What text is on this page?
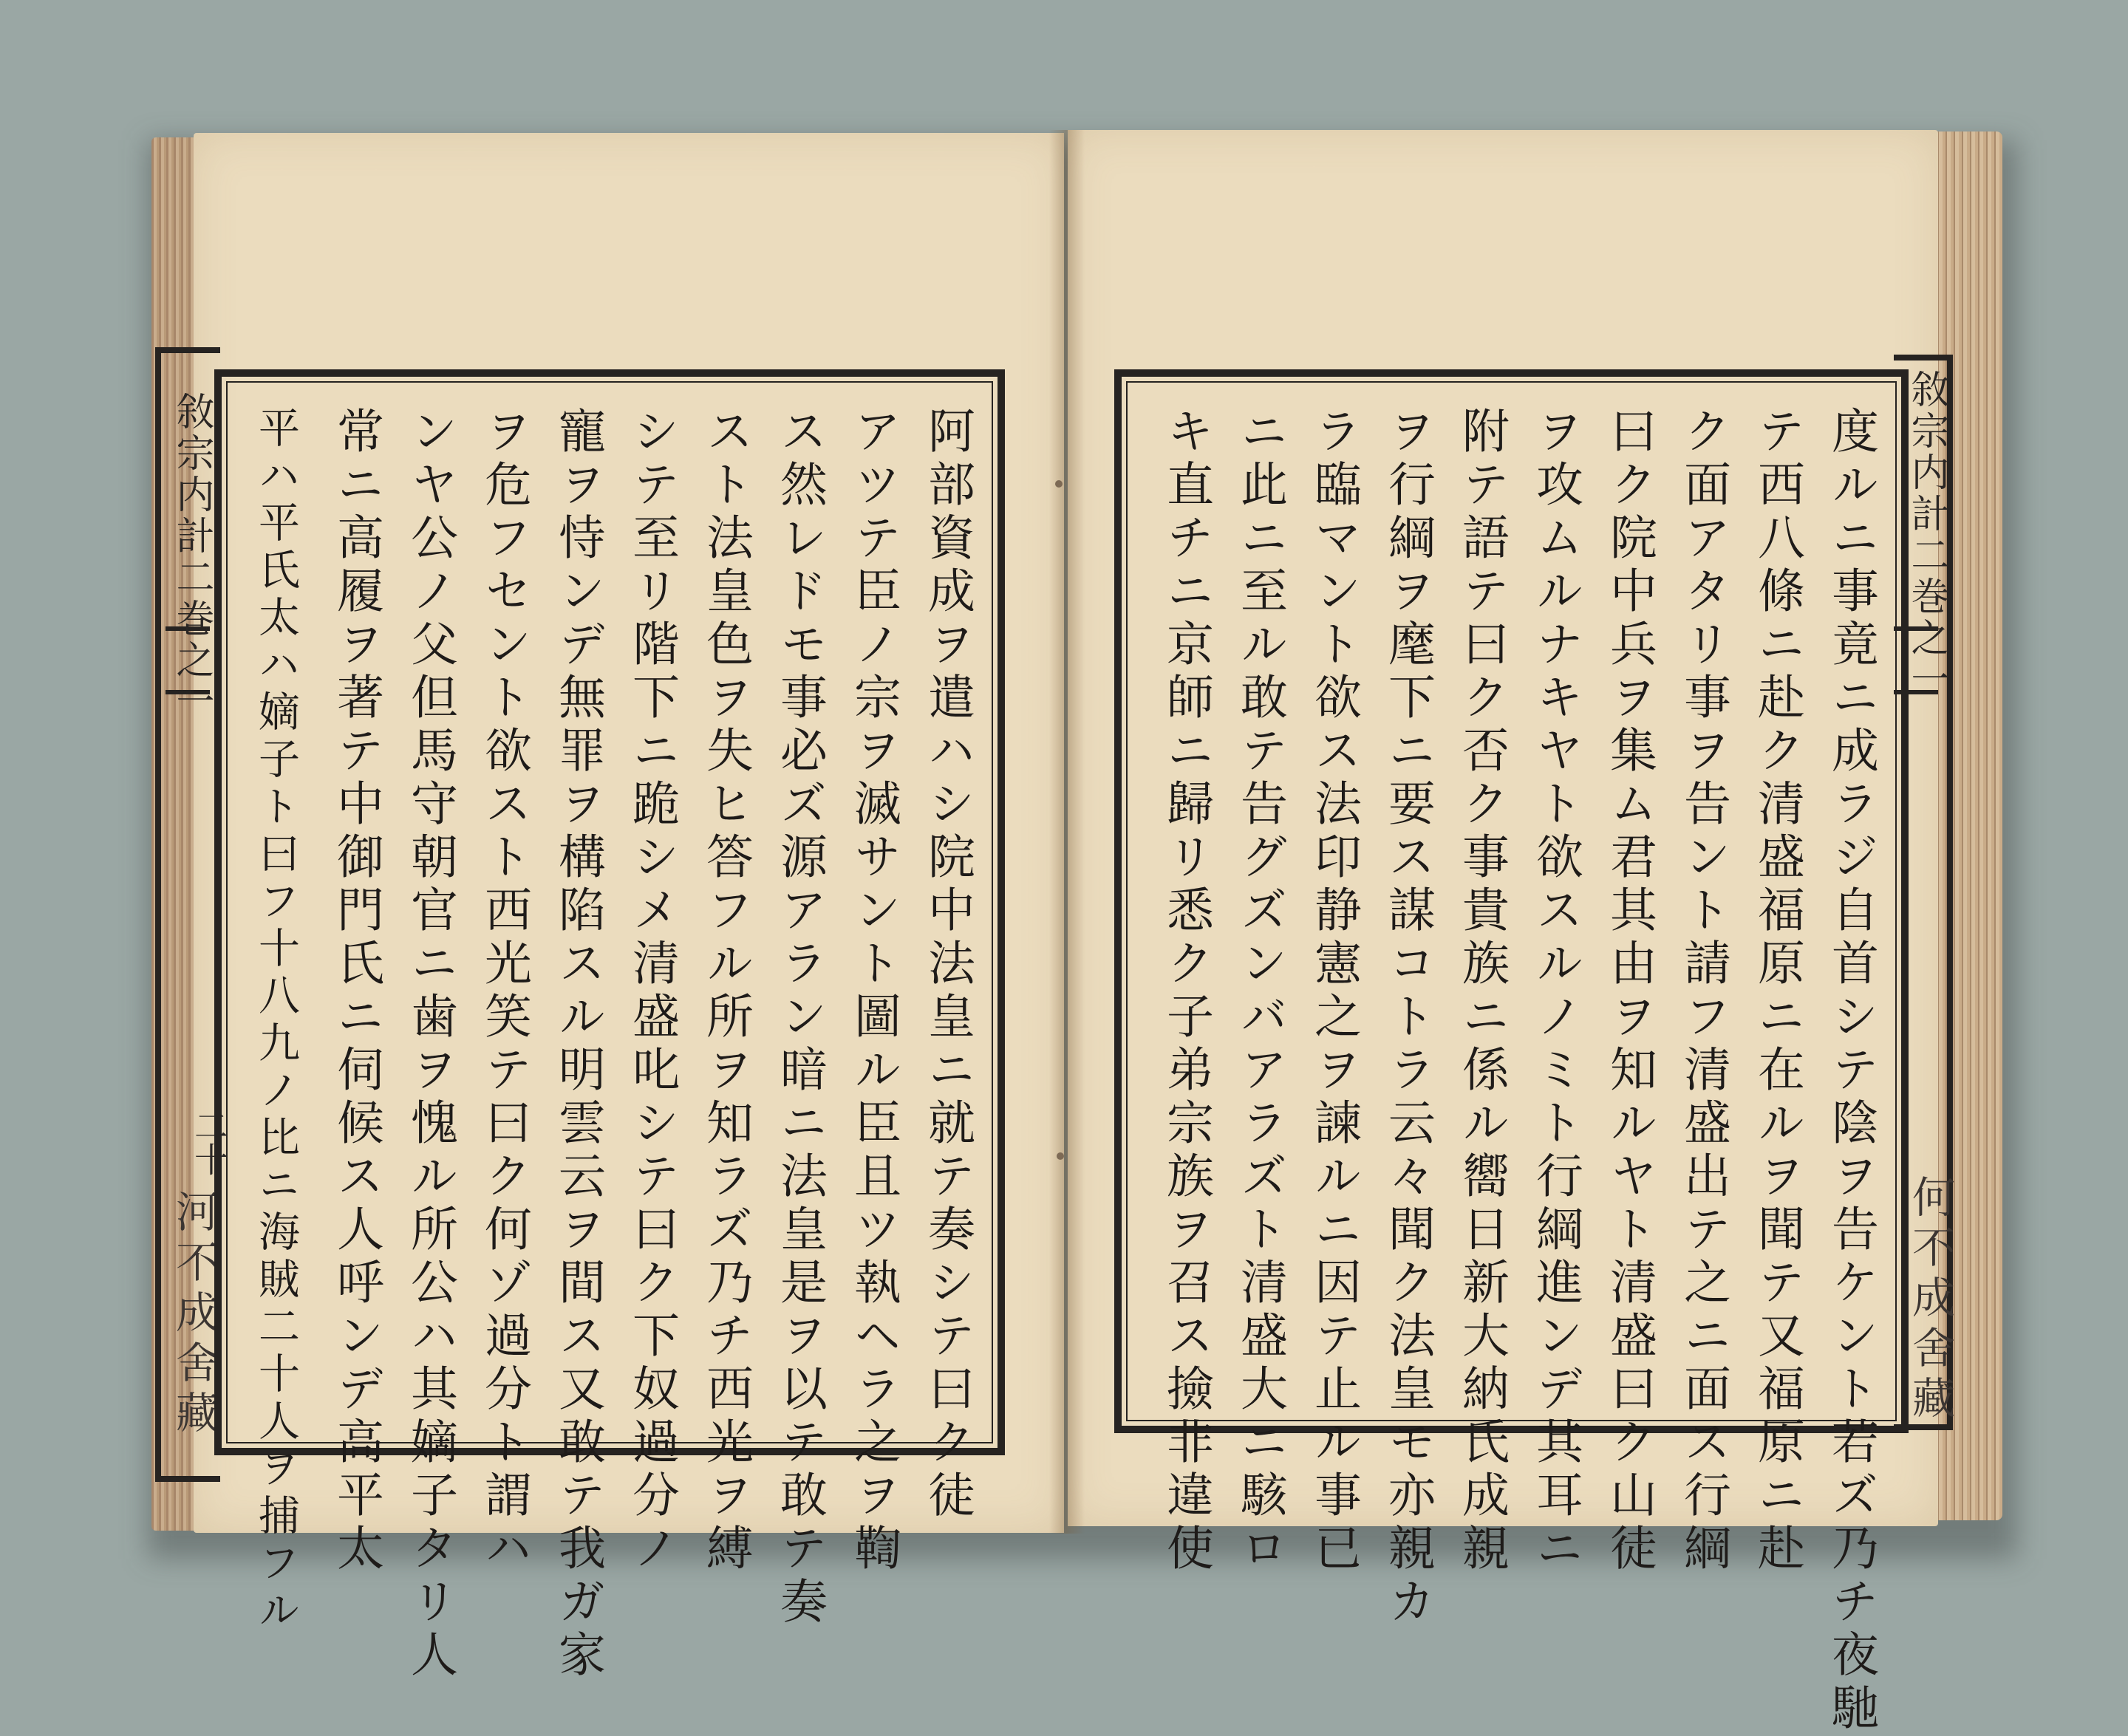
敘宗内計二巻之一
二十
河不成舍藏	阿部資成ヲ遣ハシ院中法皇ニ就テ奏シテ曰ク徒
アツテ臣ノ宗ヲ滅サント圖ル臣且ツ執ヘラ之ヲ鞫
ス然レドモ事必ズ源アラン暗ニ法皇是ヲ以テ敢テ奏
スト法皇色ヲ失ヒ答フル所ヲ知ラズ乃チ西光ヲ縛
シテ至リ階下ニ跪シメ清盛叱シテ曰ク下奴過分ノ
寵ヲ恃ンデ無罪ヲ構陷スル明雲云ヲ間ス又敢テ我ガ家
ヲ危フセント欲スト西光笑テ曰ク何ゾ過分ト謂ハ
ンヤ公ノ父但馬守朝官ニ歯ヲ愧ル所公ハ其嫡子タリ人
常ニ高履ヲ著テ中御門氏ニ伺候ス人呼ンデ高平太
平ハ平氏太ハ嫡子ト曰フ十八九ノ比ニ海賊二十人ヲ捕フル	敘宗内計二巻之一
何不成舍藏
度ルニ事竟ニ成ラジ自首シテ陰ヲ告ケント若ズ乃チ夜馳
テ西八條ニ赴ク清盛福原ニ在ルヲ聞テ又福原ニ赴
ク面アタリ事ヲ告ント請フ清盛出テ之ニ面ス行綱
曰ク院中兵ヲ集ム君其由ヲ知ルヤト清盛曰ク山徒
ヲ攻ムルナキヤト欲スルノミト行綱進ンデ其耳ニ
附テ語テ曰ク否ク事貴族ニ係ル嚮日新大納氏成親
ヲ行綱ヲ麾下ニ要ス謀コトラ云々聞ク法皇モ亦親カ
ラ臨マント欲ス法印静憲之ヲ諫ルニ因テ止ル事已
ニ此ニ至ル敢テ告グズンバアラズト清盛大ニ駭ロ
キ直チニ京師ニ歸リ悉ク子弟宗族ヲ召ス撿非違使
